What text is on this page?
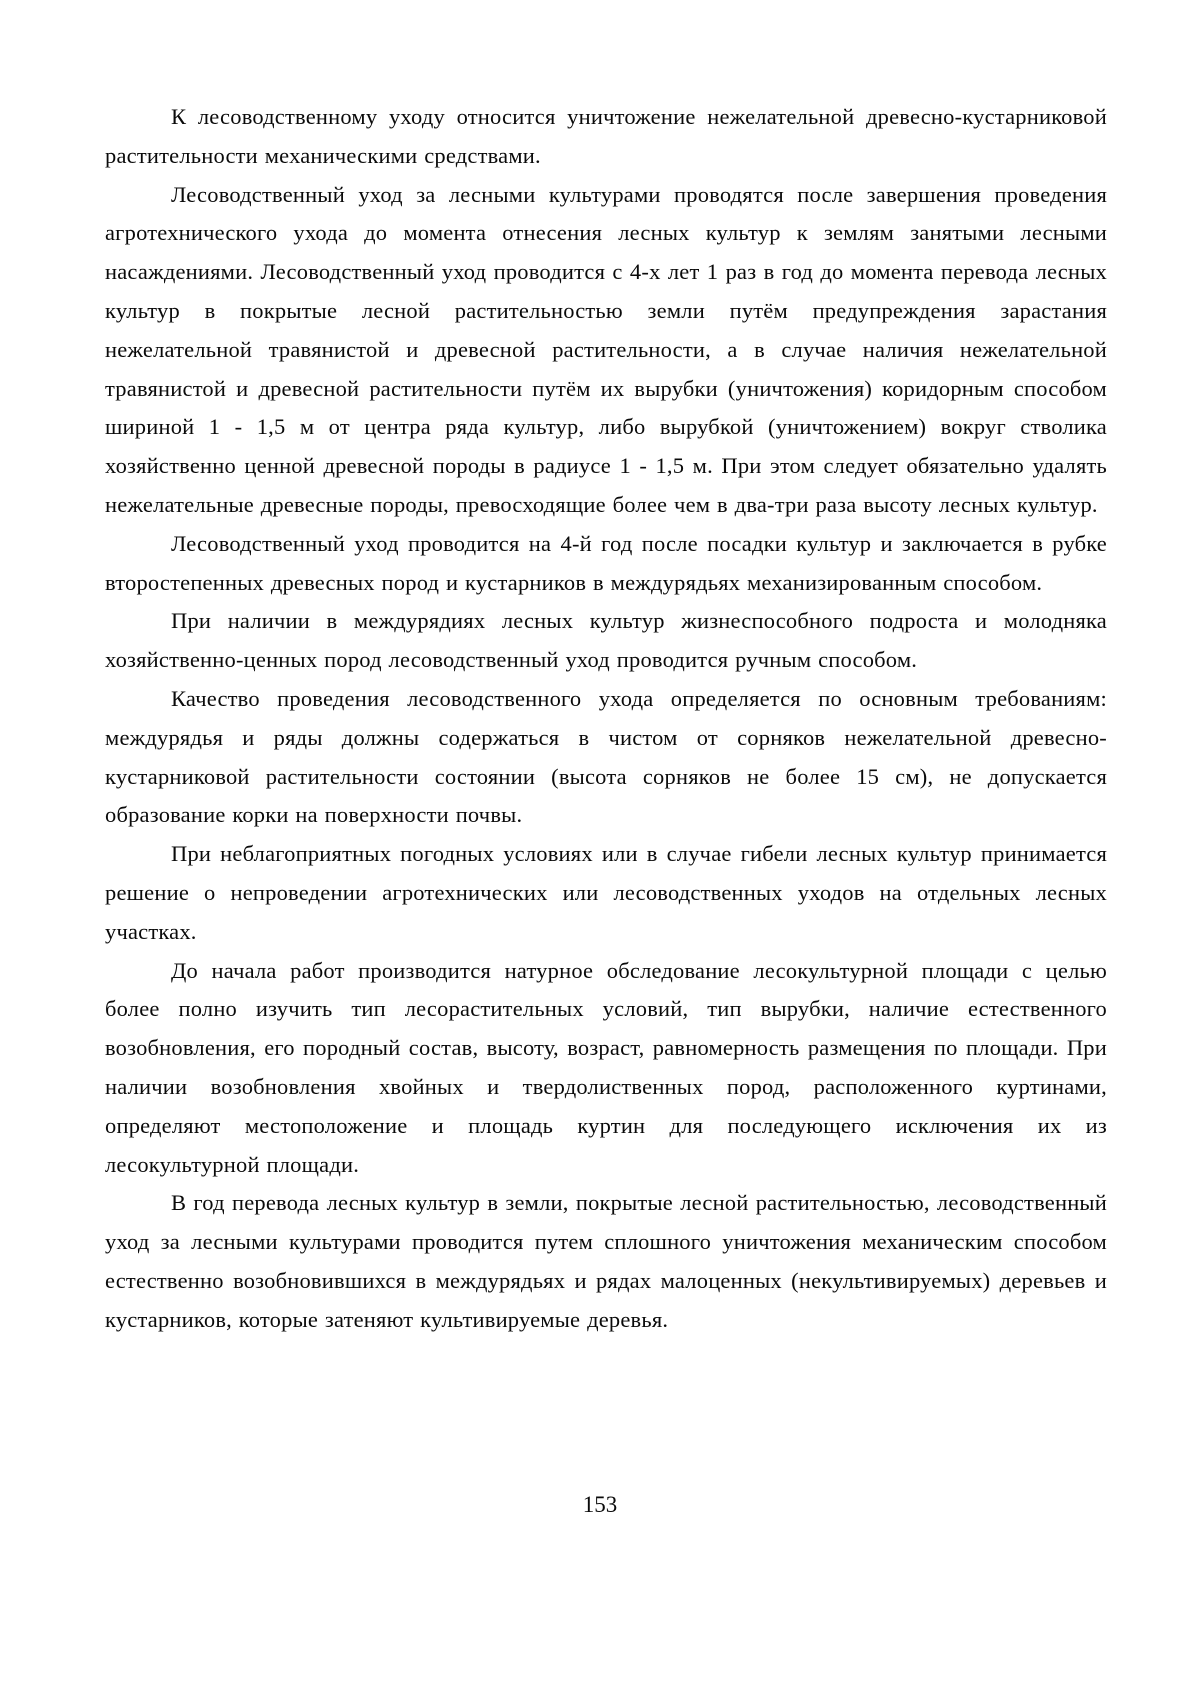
К лесоводственному уходу относится уничтожение нежелательной древесно-кустарниковой растительности механическими средствами.

Лесоводственный уход за лесными культурами проводятся после завершения проведения агротехнического ухода до момента отнесения лесных культур к землям занятыми лесными насаждениями. Лесоводственный уход проводится с 4-х лет 1 раз в год до момента перевода лесных культур в покрытые лесной растительностью земли путём предупреждения зарастания нежелательной травянистой и древесной растительности, а в случае наличия нежелательной травянистой и древесной растительности путём их вырубки (уничтожения) коридорным способом шириной 1 - 1,5 м от центра ряда культур, либо вырубкой (уничтожением) вокруг стволика хозяйственно ценной древесной породы в радиусе 1 - 1,5 м. При этом следует обязательно удалять нежелательные древесные породы, превосходящие более чем в два-три раза высоту лесных культур.

Лесоводственный уход проводится на 4-й год после посадки культур и заключается в рубке второстепенных древесных пород и кустарников в междурядьях механизированным способом.

При наличии в междурядиях лесных культур жизнеспособного подроста и молодняка хозяйственно-ценных пород лесоводственный уход проводится ручным способом.

Качество проведения лесоводственного ухода определяется по основным требованиям: междурядья и ряды должны содержаться в чистом от сорняков нежелательной древесно-кустарниковой растительности состоянии (высота сорняков не более 15 см), не допускается образование корки на поверхности почвы.

При неблагоприятных погодных условиях или в случае гибели лесных культур принимается решение о непроведении агротехнических или лесоводственных уходов на отдельных лесных участках.

До начала работ производится натурное обследование лесокультурной площади с целью более полно изучить тип лесорастительных условий, тип вырубки, наличие естественного возобновления, его породный состав, высоту, возраст, равномерность размещения по площади. При наличии возобновления хвойных и твердолиственных пород, расположенного куртинами, определяют местоположение и площадь куртин для последующего исключения их из лесокультурной площади.

В год перевода лесных культур в земли, покрытые лесной растительностью, лесоводственный уход за лесными культурами проводится путем сплошного уничтожения механическим способом естественно возобновившихся в междурядьях и рядах малоценных (некультивируемых) деревьев и кустарников, которые затеняют культивируемые деревья.

153
